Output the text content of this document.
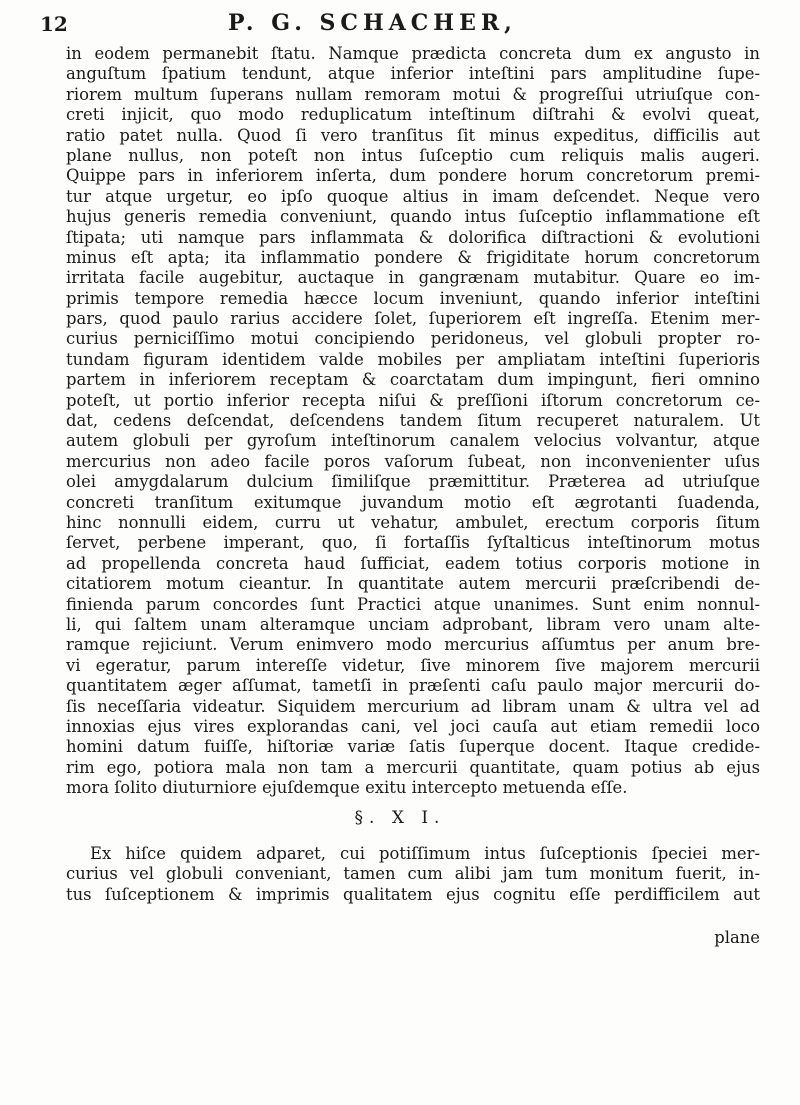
12	P. G. SCHACHER,
in eodem permanebit ſtatu. Namque prædicta concreta dum ex angusto in
anguſtum ſpatium tendunt, atque inferior inteſtini pars amplitudine ſupe-
riorem multum ſuperans nullam remoram motui & progreſſui utriuſque con-
creti injicit, quo modo reduplicatum inteſtinum diſtrahi & evolvi queat,
ratio patet nulla. Quod ſi vero tranſitus ſit minus expeditus, difficilis aut
plane nullus, non poteſt non intus ſuſceptio cum reliquis malis augeri.
Quippe pars in inferiorem inſerta, dum pondere horum concretorum premi-
tur atque urgetur, eo ipſo quoque altius in imam deſcendet. Neque vero
hujus generis remedia conveniunt, quando intus ſuſceptio inflammatione eſt
ſtipata; uti namque pars inflammata & dolorifica diſtractioni & evolutioni
minus eſt apta; ita inflammatio pondere & frigiditate horum concretorum
irritata facile augebitur, auctaque in gangrænam mutabitur. Quare eo im-
primis tempore remedia hæcce locum inveniunt, quando inferior inteſtini
pars, quod paulo rarius accidere ſolet, ſuperiorem eſt ingreſſa. Etenim mer-
curius perniciſſimo motui concipiendo peridoneus, vel globuli propter ro-
tundam figuram identidem valde mobiles per ampliatam inteſtini ſuperioris
partem in inferiorem receptam & coarctatam dum impingunt, fieri omnino
poteſt, ut portio inferior recepta niſui & preſſioni iſtorum concretorum ce-
dat, cedens deſcendat, deſcendens tandem ſitum recuperet naturalem. Ut
autem globuli per gyroſum inteſtinorum canalem velocius volvantur, atque
mercurius non adeo facile poros vaſorum ſubeat, non inconvenienter uſus
olei amygdalarum dulcium ſimiliſque præmittitur. Præterea ad utriuſque
concreti tranſitum exitumque juvandum motio eſt ægrotanti ſuadenda,
hinc nonnulli eidem, curru ut vehatur, ambulet, erectum corporis ſitum
ſervet, perbene imperant, quo, ſi fortaſſis ſyſtalticus inteſtinorum motus
ad propellenda concreta haud ſufficiat, eadem totius corporis motione in
citatiorem motum cieantur. In quantitate autem mercurii præſcribendi de-
finienda parum concordes ſunt Practici atque unanimes. Sunt enim nonnul-
li, qui ſaltem unam alteramque unciam adprobant, libram vero unam alte-
ramque rejiciunt. Verum enimvero modo mercurius aſſumtus per anum bre-
vi egeratur, parum intereſſe videtur, ſive minorem ſive majorem mercurii
quantitatem æger aſſumat, tametſi in præſenti caſu paulo major mercurii do-
ſis neceſſaria videatur. Siquidem mercurium ad libram unam & ultra vel ad
innoxias ejus vires explorandas cani, vel joci cauſa aut etiam remedii loco
homini datum fuiſſe, hiſtoriæ variæ ſatis ſuperque docent. Itaque credide-
rim ego, potiora mala non tam a mercurii quantitate, quam potius ab ejus
mora ſolito diuturniore ejuſdemque exitu intercepto metuenda eſſe.
§. X I.
Ex hiſce quidem adparet, cui potiſſimum intus ſuſceptionis ſpeciei mer-
curius vel globuli conveniant, tamen cum alibi jam tum monitum fuerit, in-
tus ſuſceptionem & imprimis qualitatem ejus cognitu eſſe perdifficilem aut
plane
